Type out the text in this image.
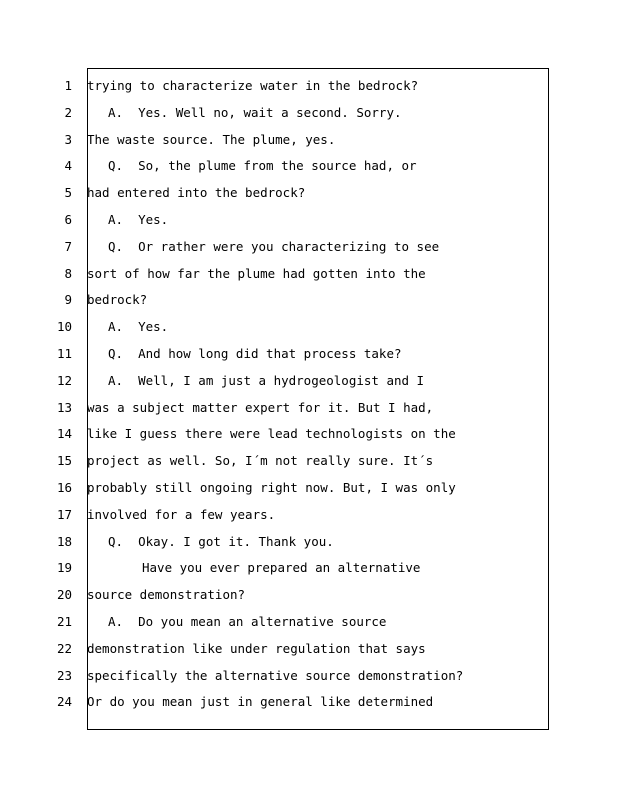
1 trying to characterize water in the bedrock?
2	A.  Yes. Well no, wait a second. Sorry.
3 The waste source. The plume, yes.
4	Q.  So, the plume from the source had, or
5 had entered into the bedrock?
6	A.  Yes.
7	Q.  Or rather were you characterizing to see
8 sort of how far the plume had gotten into the
9 bedrock?
10	A.  Yes.
11	Q.  And how long did that process take?
12	A.  Well, I am just a hydrogeologist and I
13 was a subject matter expert for it. But I had,
14 like I guess there were lead technologists on the
15 project as well. So, I´m not really sure. It´s
16 probably still ongoing right now. But, I was only
17 involved for a few years.
18	Q.  Okay. I got it. Thank you.
19	Have you ever prepared an alternative
20 source demonstration?
21	A.  Do you mean an alternative source
22 demonstration like under regulation that says
23 specifically the alternative source demonstration?
24 Or do you mean just in general like determined
